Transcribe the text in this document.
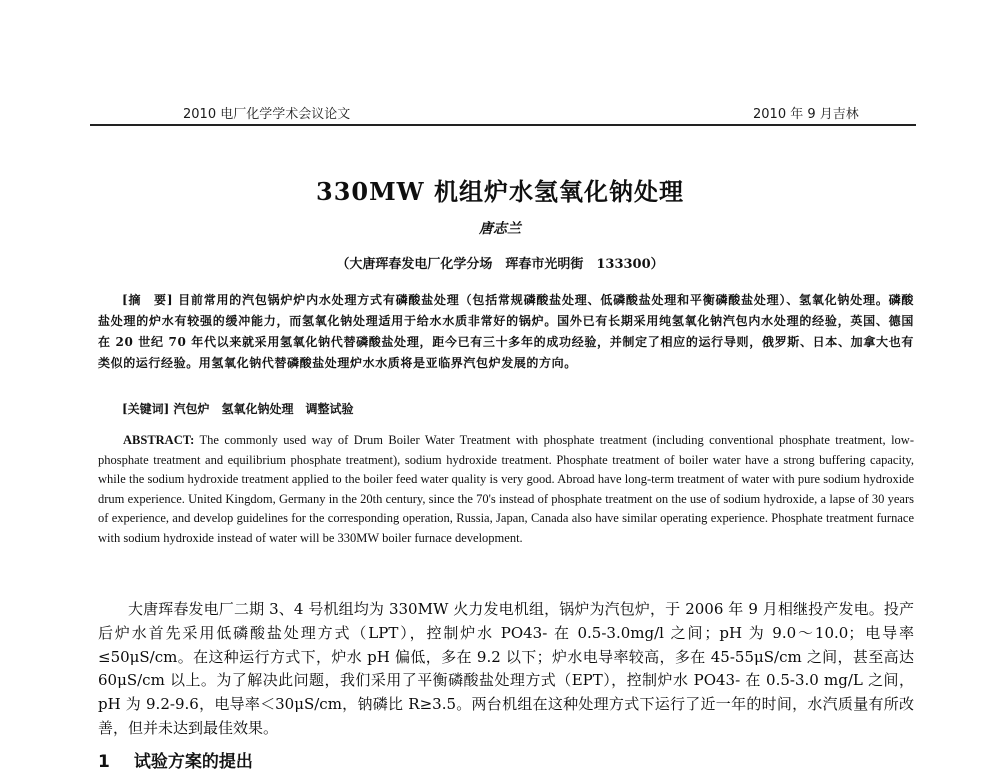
2010 电厂化学学术会议论文	2010 年 9 月吉林
330MW 机组炉水氢氧化钠处理
唐志兰
（大唐珲春发电厂化学分场　珲春市光明街　133300）
[摘　要] 目前常用的汽包锅炉炉内水处理方式有磷酸盐处理（包括常规磷酸盐处理、低磷酸盐处理和平衡磷酸盐处理）、氢氧化钠处理。磷酸盐处理的炉水有较强的缓冲能力，而氢氧化钠处理适用于给水水质非常好的锅炉。国外已有长期采用纯氢氧化钠汽包内水处理的经验，英国、德国在 20 世纪 70 年代以来就采用氢氧化钠代替磷酸盐处理，距今已有三十多年的成功经验，并制定了相应的运行导则，俄罗斯、日本、加拿大也有类似的运行经验。用氢氧化钠代替磷酸盐处理炉水水质将是亚临界汽包炉发展的方向。
[关键词] 汽包炉　氢氧化钠处理　调整试验
ABSTRACT: The commonly used way of Drum Boiler Water Treatment with phosphate treatment (including conventional phosphate treatment, low-phosphate treatment and equilibrium phosphate treatment), sodium hydroxide treatment. Phosphate treatment of boiler water have a strong buffering capacity, while the sodium hydroxide treatment applied to the boiler feed water quality is very good. Abroad have long-term treatment of water with pure sodium hydroxide drum experience. United Kingdom, Germany in the 20th century, since the 70's instead of phosphate treatment on the use of sodium hydroxide, a lapse of 30 years of experience, and develop guidelines for the corresponding operation, Russia, Japan, Canada also have similar operating experience. Phosphate treatment furnace with sodium hydroxide instead of water will be 330MW boiler furnace development.
大唐珲春发电厂二期 3、4 号机组均为 330MW 火力发电机组，锅炉为汽包炉，于 2006 年 9 月相继投产发电。投产后炉水首先采用低磷酸盐处理方式（LPT），控制炉水 PO43- 在 0.5-3.0mg/l 之间；pH 为 9.0～10.0；电导率≤50μS/cm。在这种运行方式下，炉水 pH 偏低，多在 9.2 以下；炉水电导率较高，多在 45-55μS/cm 之间，甚至高达 60μS/cm 以上。为了解决此问题，我们采用了平衡磷酸盐处理方式（EPT），控制炉水 PO43- 在 0.5-3.0 mg/L 之间，pH 为 9.2-9.6，电导率＜30μS/cm，钠磷比 R≥3.5。两台机组在这种处理方式下运行了近一年的时间，水汽质量有所改善，但并未达到最佳效果。
1 试验方案的提出
